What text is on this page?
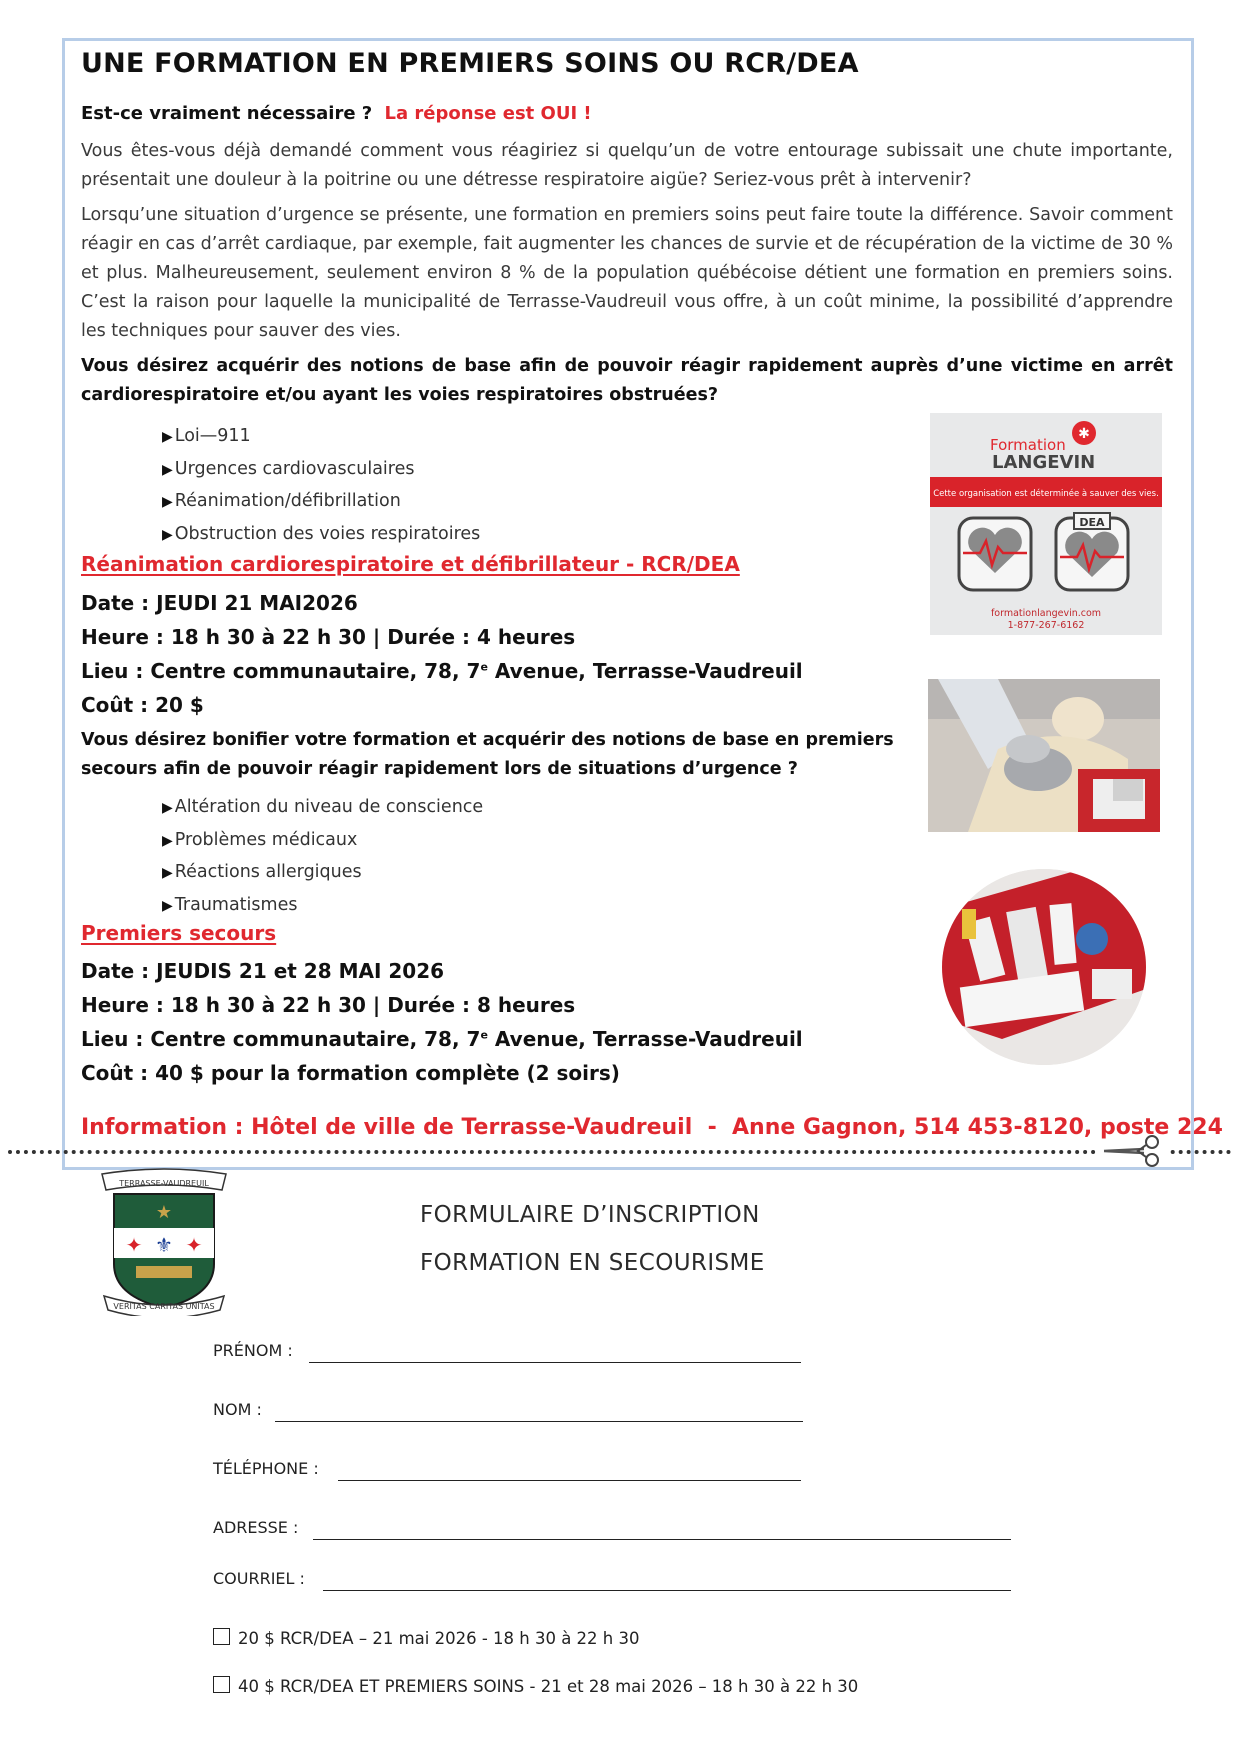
UNE FORMATION EN PREMIERS SOINS OU RCR/DEA
Est-ce vraiment nécessaire ? La réponse est OUI !
Vous êtes-vous déjà demandé comment vous réagiriez si quelqu’un de votre entourage subissait une chute importante, présentait une douleur à la poitrine ou une détresse respiratoire aigüe? Seriez-vous prêt à intervenir?
Lorsqu’une situation d’urgence se présente, une formation en premiers soins peut faire toute la différence. Savoir comment réagir en cas d’arrêt cardiaque, par exemple, fait augmenter les chances de survie et de récupération de la victime de 30 % et plus. Malheureusement, seulement environ 8 % de la population québécoise détient une formation en premiers soins. C’est la raison pour laquelle la municipalité de Terrasse-Vaudreuil vous offre, à un coût minime, la possibilité d’apprendre les techniques pour sauver des vies.
Vous désirez acquérir des notions de base afin de pouvoir réagir rapidement auprès d’une victime en arrêt cardiorespiratoire et/ou ayant les voies respiratoires obstruées?
▶ Loi—911
▶ Urgences cardiovasculaires
▶ Réanimation/défibrillation
▶ Obstruction des voies respiratoires
Réanimation cardiorespiratoire et défibrillateur - RCR/DEA
Date : JEUDI 21 MAI2026
Heure : 18 h 30 à 22 h 30 | Durée : 4 heures
Lieu : Centre communautaire, 78, 7e Avenue, Terrasse-Vaudreuil
Coût : 20 $
Vous désirez bonifier votre formation et acquérir des notions de base en premiers secours afin de pouvoir réagir rapidement lors de situations d’urgence ?
▶ Altération du niveau de conscience
▶ Problèmes médicaux
▶ Réactions allergiques
▶ Traumatismes
Premiers secours
Date : JEUDIS 21 et 28 MAI 2026
Heure : 18 h 30 à 22 h 30 | Durée : 8 heures
Lieu : Centre communautaire, 78, 7e Avenue, Terrasse-Vaudreuil
Coût : 40 $ pour la formation complète (2 soirs)
Information : Hôtel de ville de Terrasse-Vaudreuil  -  Anne Gagnon, 514 453-8120, poste 224
✱
Formation
LANGEVIN
Cette organisation est déterminée à sauver des vies.
DEA
formationlangevin.com
1-877-267-6162
TERRASSE-VAUDREUIL
★
✦ ⚜ ✦
VERITAS CARITAS UNITAS
FORMULAIRE D’INSCRIPTION
FORMATION EN SECOURISME
PRÉNOM :
NOM :
TÉLÉPHONE :
ADRESSE :
COURRIEL :
20 $ RCR/DEA – 21 mai 2026 - 18 h 30 à 22 h 30
40 $ RCR/DEA ET PREMIERS SOINS - 21 et 28 mai 2026 – 18 h 30 à 22 h 30
